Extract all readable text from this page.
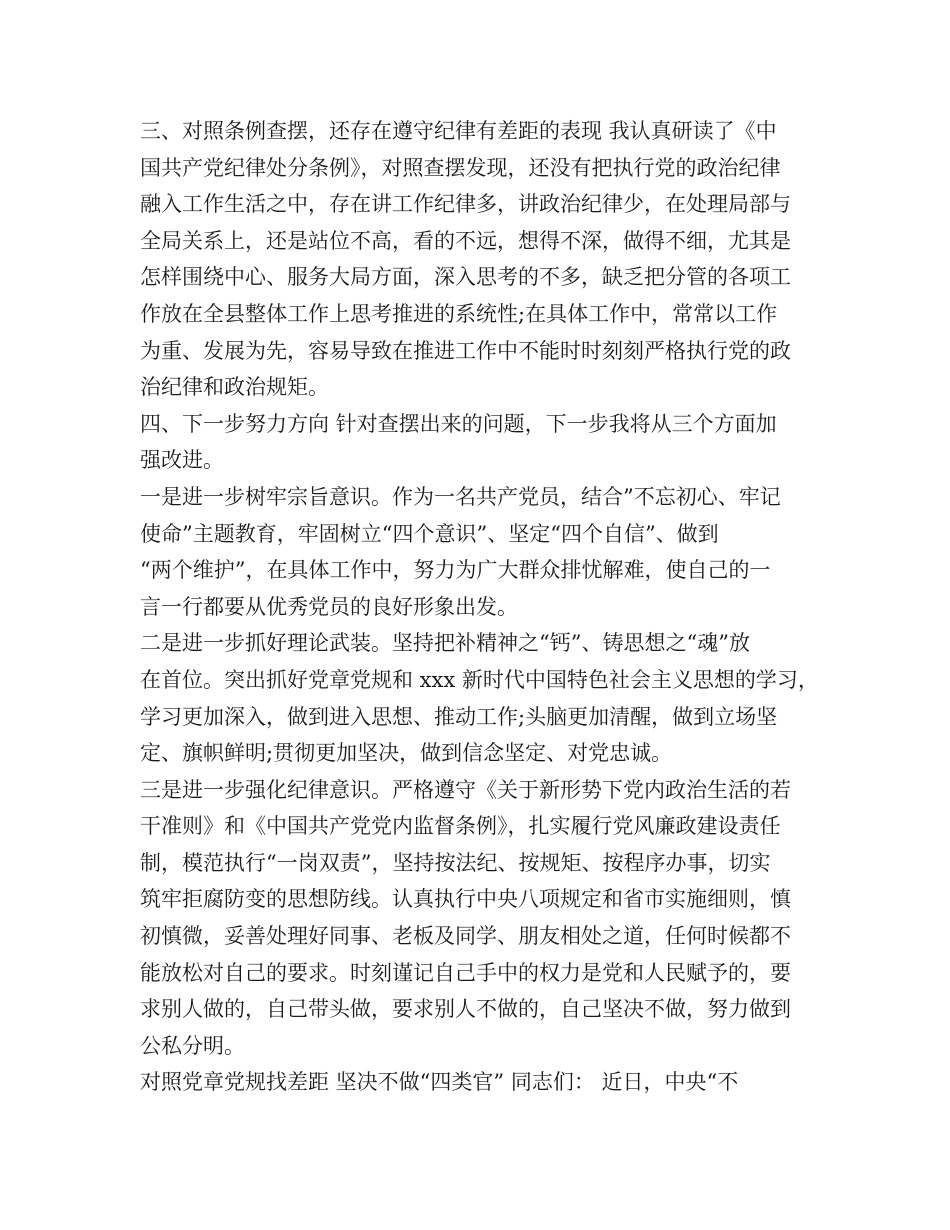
三、对照条例查摆，还存在遵守纪律有差距的表现 我认真研读了《中
国共产党纪律处分条例》，对照查摆发现，还没有把执行党的政治纪律
融入工作生活之中，存在讲工作纪律多，讲政治纪律少，在处理局部与
全局关系上，还是站位不高，看的不远，想得不深，做得不细，尤其是
怎样围绕中心、服务大局方面，深入思考的不多，缺乏把分管的各项工
作放在全县整体工作上思考推进的系统性;在具体工作中，常常以工作
为重、发展为先，容易导致在推进工作中不能时时刻刻严格执行党的政
治纪律和政治规矩。
四、下一步努力方向 针对查摆出来的问题，下一步我将从三个方面加
强改进。
一是进一步树牢宗旨意识。作为一名共产党员，结合”不忘初心、牢记
使命”主题教育，牢固树立“四个意识”、坚定“四个自信”、做到
“两个维护”，在具体工作中，努力为广大群众排忧解难，使自己的一
言一行都要从优秀党员的良好形象出发。
二是进一步抓好理论武装。坚持把补精神之“钙”、铸思想之“魂”放
在首位。突出抓好党章党规和 xxx 新时代中国特色社会主义思想的学习，
学习更加深入，做到进入思想、推动工作;头脑更加清醒，做到立场坚
定、旗帜鲜明;贯彻更加坚决，做到信念坚定、对党忠诚。
三是进一步强化纪律意识。严格遵守《关于新形势下党内政治生活的若
干准则》和《中国共产党党内监督条例》，扎实履行党风廉政建设责任
制，模范执行“一岗双责”，坚持按法纪、按规矩、按程序办事，切实
筑牢拒腐防变的思想防线。认真执行中央八项规定和省市实施细则，慎
初慎微，妥善处理好同事、老板及同学、朋友相处之道，任何时候都不
能放松对自己的要求。时刻谨记自己手中的权力是党和人民赋予的，要
求别人做的，自己带头做，要求别人不做的，自己坚决不做，努力做到
公私分明。
对照党章党规找差距 坚决不做“四类官” 同志们： 近日，中央“不
